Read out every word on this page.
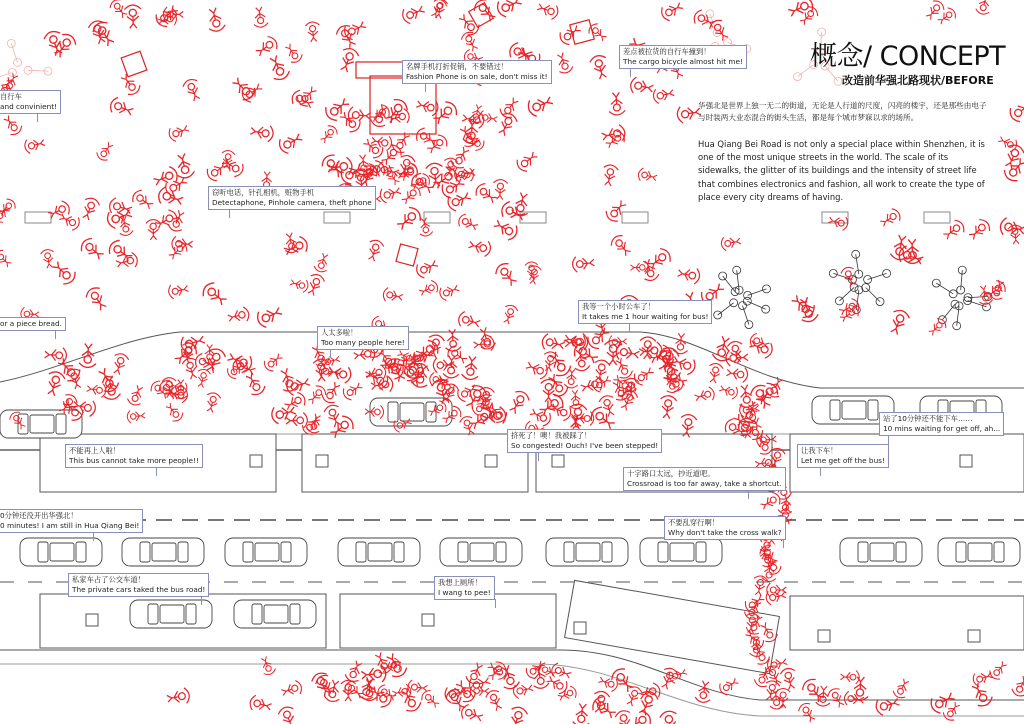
概念/ CONCEPT
改造前华强北路现状/BEFORE
华强北是世界上独一无二的街道，无论是人行道的尺度，闪亮的楼宇，还是那些由电子与时装两大业态混合的街头生活，都是每个城市梦寐以求的场所。
Hua Qiang Bei Road is not only a special place within Shenzhen, it is one of the most unique streets in the world. The scale of its sidewalks, the glitter of its buildings and the intensity of street life that combines electronics and fashion, all work to create the type of place every city dreams of having.
自行车
and convinient!
名牌手机打折促销，不要错过！
Fashion Phone is on sale, don't miss it!
差点被拉货的自行车撞到！
The cargo bicycle almost hit me!
窃听电话，针孔相机，赃物手机
Detectaphone, Pinhole camera, theft phone
or a piece bread.
人太多啦！
Too many people here!
我等一个小时公车了！
It takes me 1 hour waiting for bus!
站了10分钟还不能下车……
10 mins waiting for get off, ah...
不能再上人啦！
This bus cannot take more people!!
挤死了！噢！我被踩了！
So congested! Ouch! I've been stepped!
让我下车！
Let me get off the bus!
十字路口太远，抄近道吧。
Crossroad is too far away, take a shortcut.
0分钟还没开出华强北！
0 minutes! I am still in Hua Qiang Bei!	不要乱穿行啊！
Why don't take the cross walk?
私家车占了公交车道！
The private cars taked the bus road!
我想上厕所！
I wang to pee!
